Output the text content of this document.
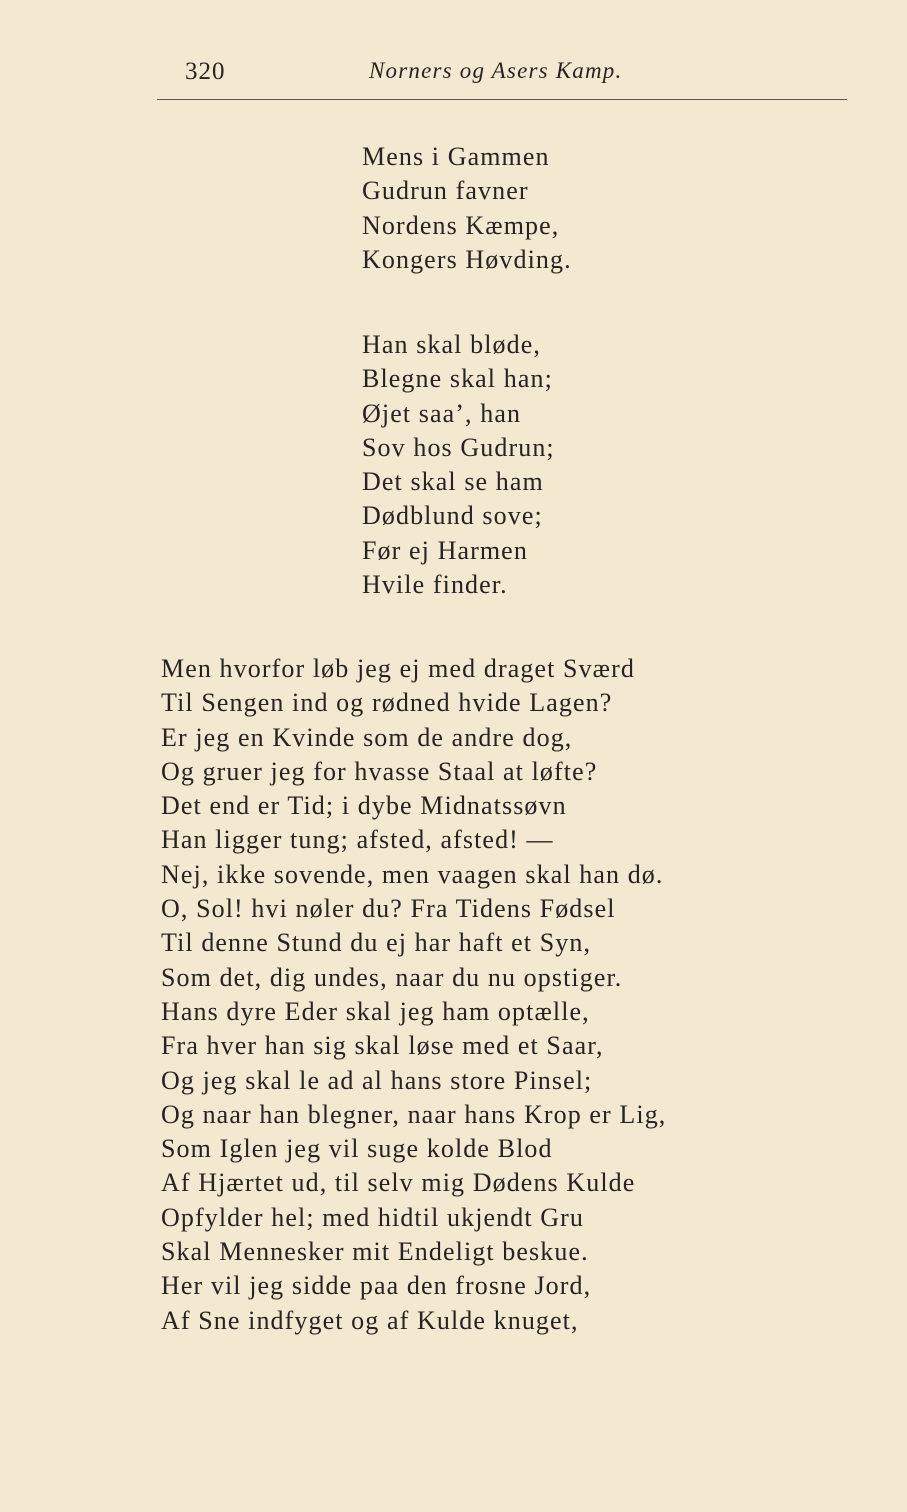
320	Norners og Asers Kamp.
Mens i Gammen
Gudrun favner
Nordens Kæmpe,
Kongers Høvding.
Han skal bløde,
Blegne skal han;
Øjet saa’, han
Sov hos Gudrun;
Det skal se ham
Dødblund sove;
Før ej Harmen
Hvile finder.
Men hvorfor løb jeg ej med draget Sværd
Til Sengen ind og rødned hvide Lagen?
Er jeg en Kvinde som de andre dog,
Og gruer jeg for hvasse Staal at løfte?
Det end er Tid; i dybe Midnatssøvn
Han ligger tung; afsted, afsted! —
Nej, ikke sovende, men vaagen skal han dø.
O, Sol! hvi nøler du? Fra Tidens Fødsel
Til denne Stund du ej har haft et Syn,
Som det, dig undes, naar du nu opstiger.
Hans dyre Eder skal jeg ham optælle,
Fra hver han sig skal løse med et Saar,
Og jeg skal le ad al hans store Pinsel;
Og naar han blegner, naar hans Krop er Lig,
Som Iglen jeg vil suge kolde Blod
Af Hjærtet ud, til selv mig Dødens Kulde
Opfylder hel; med hidtil ukjendt Gru
Skal Mennesker mit Endeligt beskue.
Her vil jeg sidde paa den frosne Jord,
Af Sne indfyget og af Kulde knuget,
